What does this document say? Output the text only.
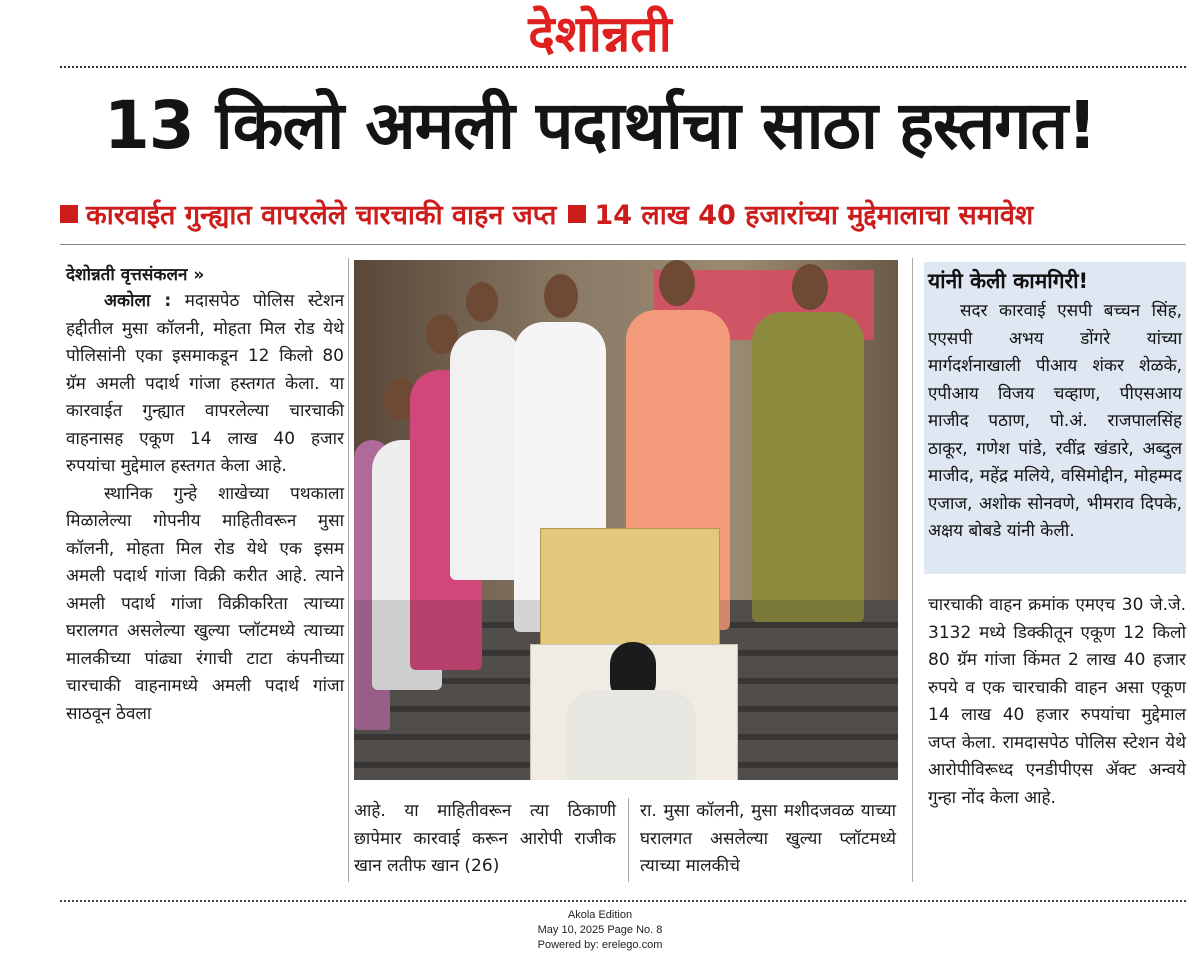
देशोन्नती
13 किलो अमली पदार्थाचा साठा हस्तगत!
कारवाईत गुन्ह्यात वापरलेले चारचाकी वाहन जप्त 14 लाख 40 हजारांच्या मुद्देमालाचा समावेश
देशोन्नती वृत्तसंकलन »

अकोला : मदासपेठ पोलिस स्टेशन हद्दीतील मुसा कॉलनी, मोहता मिल रोड येथे पोलिसांनी एका इसमाकडून 12 किलो 80 ग्रॅम अमली पदार्थ गांजा हस्तगत केला. या कारवाईत गुन्ह्यात वापरलेल्या चारचाकी वाहनासह एकूण 14 लाख 40 हजार रुपयांचा मुद्देमाल हस्तगत केला आहे.

स्थानिक गुन्हे शाखेच्या पथकाला मिळालेल्या गोपनीय माहितीवरून मुसा कॉलनी, मोहता मिल रोड येथे एक इसम अमली पदार्थ गांजा विक्री करीत आहे. त्याने अमली पदार्थ गांजा विक्रीकरिता त्याच्या घरालगत असलेल्या खुल्या प्लॉटमध्ये त्याच्या मालकीच्या पांढ्या रंगाची टाटा कंपनीच्या चारचाकी वाहनामध्ये अमली पदार्थ गांजा साठवून ठेवला

यांनी केली कामगिरी!
सदर कारवाई एसपी बच्चन सिंह, एएसपी अभय डोंगरे यांच्या मार्गदर्शनाखाली पीआय शंकर शेळके, एपीआय विजय चव्हाण, पीएसआय माजीद पठाण, पो.अं. राजपालसिंह ठाकूर, गणेश पांडे, रवींद्र खंडारे, अब्दुल माजीद, महेंद्र मलिये, वसिमोद्दीन, मोहम्मद एजाज, अशोक सोनवणे, भीमराव दिपके, अक्षय बोबडे यांनी केली.

चारचाकी वाहन क्रमांक एमएच 30 जे.जे. 3132 मध्ये डिक्कीतून एकूण 12 किलो 80 ग्रॅम गांजा किंमत 2 लाख 40 हजार रुपये व एक चारचाकी वाहन असा एकूण 14 लाख 40 हजार रुपयांचा मुद्देमाल जप्त केला. रामदासपेठ पोलिस स्टेशन येथे आरोपीविरूध्द एनडीपीएस ॲक्ट अन्वये गुन्हा नोंद केला आहे.

आहे. या माहितीवरून त्या ठिकाणी छापेमार कारवाई करून आरोपी राजीक खान लतीफ खान (26)

रा. मुसा कॉलनी, मुसा मशीदजवळ याच्या घरालगत असलेल्या खुल्या प्लॉटमध्ये त्याच्या मालकीचे

Akola Edition
May 10, 2025 Page No. 8
Powered by: erelego.com
